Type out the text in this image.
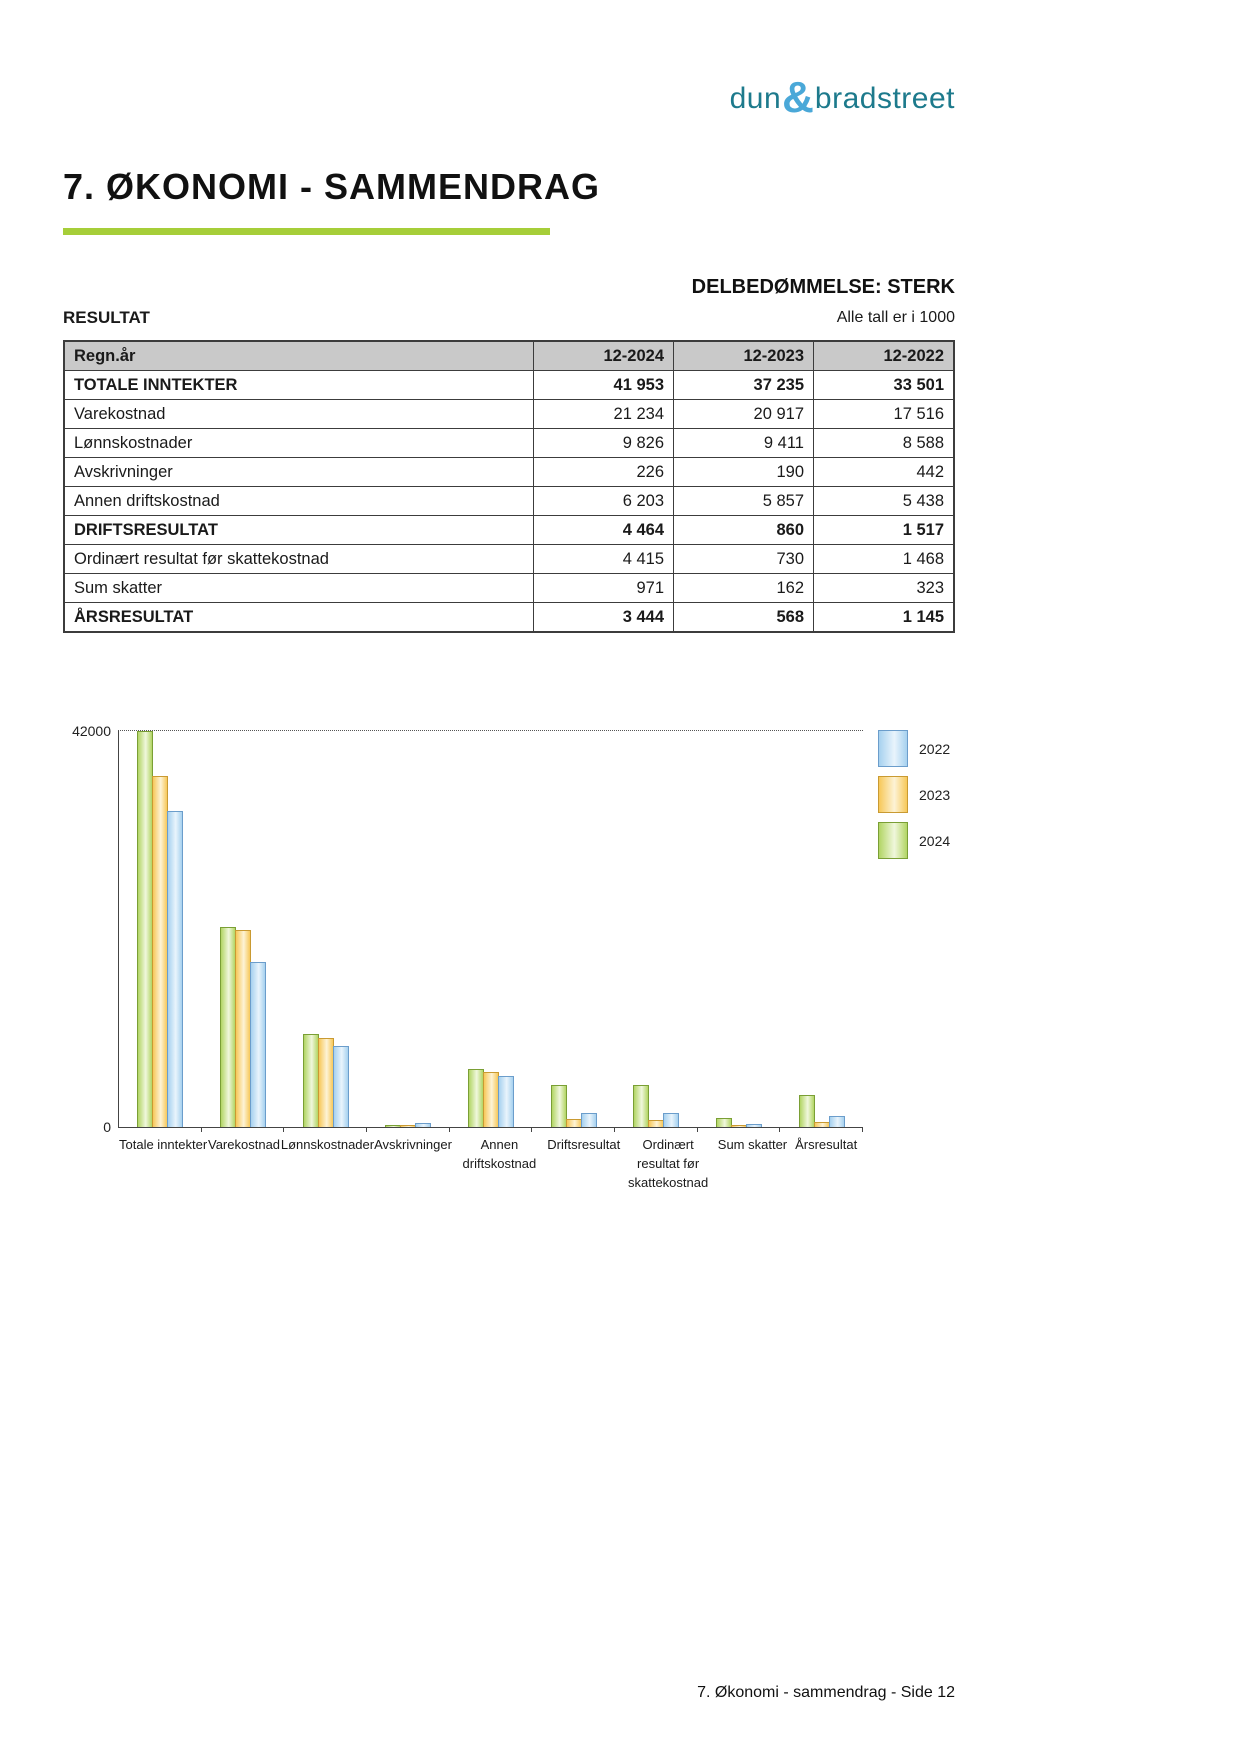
dun&bradstreet
7. ØKONOMI - SAMMENDRAG
DELBEDØMMELSE: STERK
RESULTAT	Alle tall er i 1000
Regn.år	12-2024	12-2023	12-2022
TOTALE INNTEKTER	41 953	37 235	33 501
Varekostnad	21 234	20 917	17 516
Lønnskostnader	9 826	9 411	8 588
Avskrivninger	226	190	442
Annen driftskostnad	6 203	5 857	5 438
DRIFTSRESULTAT	4 464	860	1 517
Ordinært resultat før skattekostnad	4 415	730	1 468
Sum skatter	971	162	323
ÅRSRESULTAT	3 444	568	1 145
42000
0
Totale inntekter Varekostnad Lønnskostnader Avskrivninger	Annen driftskostnad
Driftsresultat	Ordinært resultat før skattekostnad
Sum skatter Årsresultat
2022
2023
2024
7. Økonomi - sammendrag - Side 12
